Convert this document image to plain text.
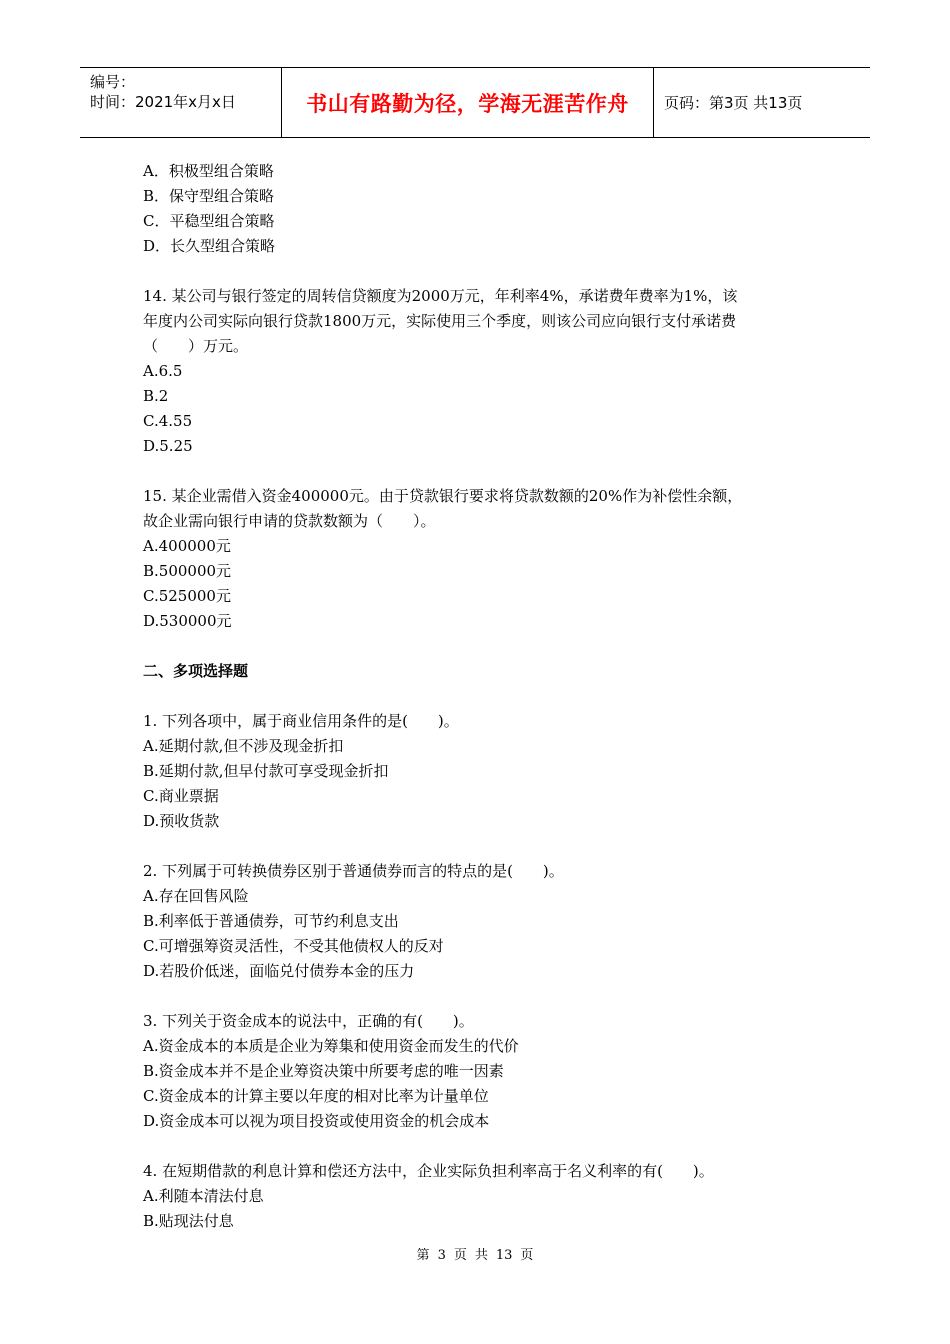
编号：
时间：2021年x月x日	书山有路勤为径，学海无涯苦作舟 页码：第3页 共13页
A．积极型组合策略
B．保守型组合策略
C．平稳型组合策略
D．长久型组合策略
14. 某公司与银行签定的周转信贷额度为2000万元，年利率4%，承诺费年费率为1%，该
年度内公司实际向银行贷款1800万元，实际使用三个季度，则该公司应向银行支付承诺费
（　　）万元。
A.6.5
B.2
C.4.55
D.5.25
15. 某企业需借入资金400000元。由于贷款银行要求将贷款数额的20%作为补偿性余额，
故企业需向银行申请的贷款数额为（　　）。
A.400000元
B.500000元
C.525000元
D.530000元
二、多项选择题
1. 下列各项中，属于商业信用条件的是(　　)。
A.延期付款,但不涉及现金折扣
B.延期付款,但早付款可享受现金折扣
C.商业票据
D.预收货款
2. 下列属于可转换债券区别于普通债券而言的特点的是(　　)。
A.存在回售风险
B.利率低于普通债券，可节约利息支出
C.可增强筹资灵活性，不受其他债权人的反对
D.若股价低迷，面临兑付债券本金的压力
3. 下列关于资金成本的说法中，正确的有(　　)。
A.资金成本的本质是企业为筹集和使用资金而发生的代价
B.资金成本并不是企业筹资决策中所要考虑的唯一因素
C.资金成本的计算主要以年度的相对比率为计量单位
D.资金成本可以视为项目投资或使用资金的机会成本
4. 在短期借款的利息计算和偿还方法中，企业实际负担利率高于名义利率的有(　　)。
A.利随本清法付息
B.贴现法付息
第 3 页 共 13 页
